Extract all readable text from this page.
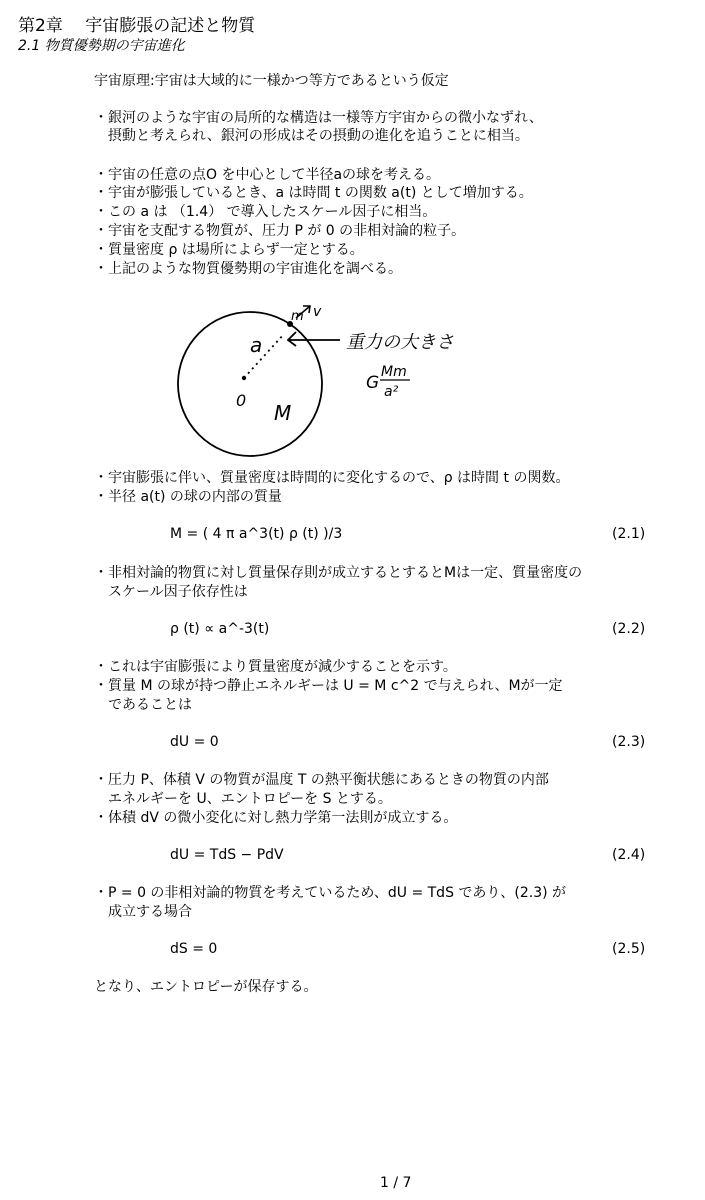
第2章　 宇宙膨張の記述と物質
2.1 物質優勢期の宇宙進化
宇宙原理:宇宙は大域的に一様かつ等方であるという仮定
・銀河のような宇宙の局所的な構造は一様等方宇宙からの微小なずれ、
　摂動と考えられ、銀河の形成はその摂動の進化を追うことに相当。
・宇宙の任意の点O を中心として半径aの球を考える。
・宇宙が膨張しているとき、a は時間 t の関数 a(t) として増加する。
・この a は （1.4） で導入したスケール因子に相当。
・宇宙を支配する物質が、圧力 P が 0 の非相対論的粒子。
・質量密度 ρ は場所によらず一定とする。
・上記のような物質優勢期の宇宙進化を調べる。
m v
a
0
M
重力の大きさ
G
Mm
a²
・宇宙膨張に伴い、質量密度は時間的に変化するので、ρ は時間 t の関数。
・半径 a(t) の球の内部の質量
M = ( 4 π a^3(t) ρ (t) )/3	(2.1)
・非相対論的物質に対し質量保存則が成立するとするとMは一定、質量密度の
　スケール因子依存性は
ρ (t) ∝ a^-3(t)	(2.2)
・これは宇宙膨張により質量密度が減少することを示す。
・質量 M の球が持つ静止エネルギーは U = M c^2 で与えられ、Mが一定
　であることは
dU = 0	(2.3)
・圧力 P、体積 V の物質が温度 T の熱平衡状態にあるときの物質の内部
　エネルギーを U、エントロピーを S とする。
・体積 dV の微小変化に対し熱力学第一法則が成立する。
dU = TdS − PdV	(2.4)
・P = 0 の非相対論的物質を考えているため、dU = TdS であり、(2.3) が
　成立する場合
dS = 0	(2.5)
となり、エントロピーが保存する。
1 / 7
